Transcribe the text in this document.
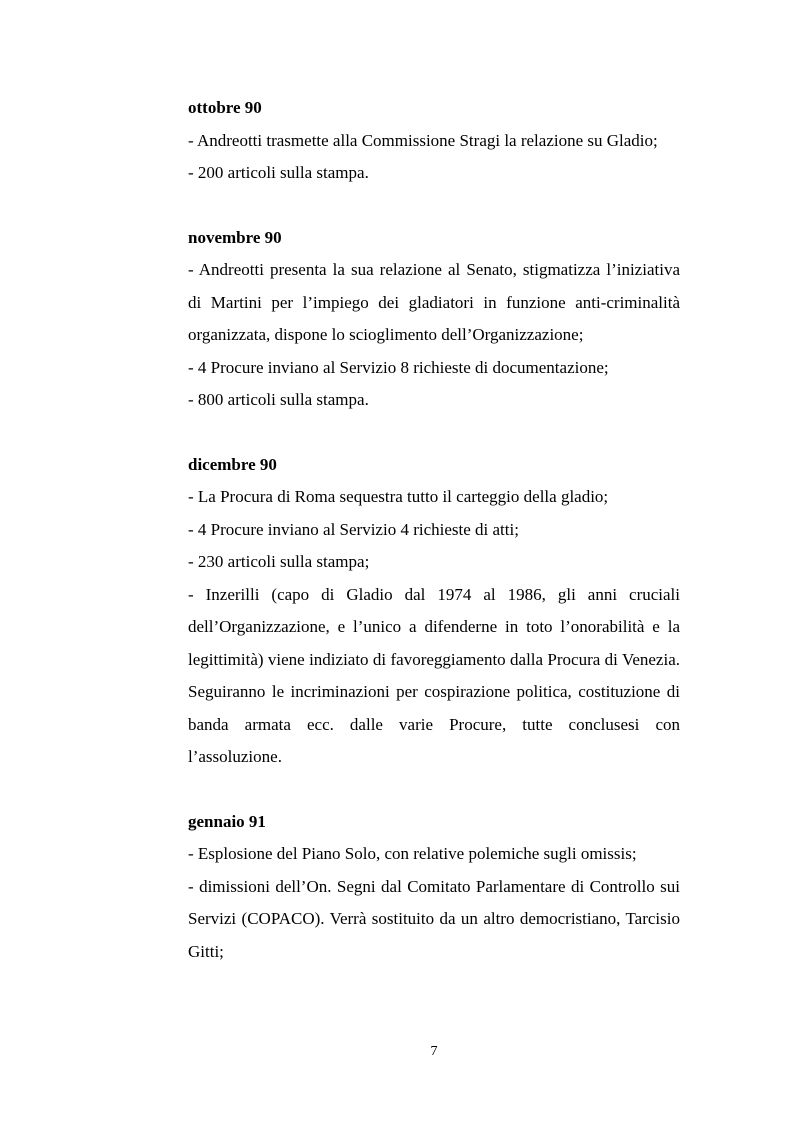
ottobre 90

- Andreotti trasmette alla Commissione Stragi la relazione su Gladio;

- 200 articoli sulla stampa.

novembre 90

- Andreotti presenta la sua relazione al Senato, stigmatizza l’iniziativa di Martini per l’impiego dei gladiatori in funzione anti-criminalità organizzata, dispone lo scioglimento dell’Organizzazione;

- 4 Procure inviano al Servizio 8 richieste di documentazione;

- 800 articoli sulla stampa.

dicembre 90

- La Procura di Roma sequestra tutto il carteggio della gladio;

- 4 Procure inviano al Servizio 4 richieste di atti;

- 230 articoli sulla stampa;

- Inzerilli (capo di Gladio dal 1974 al 1986, gli anni cruciali dell’Organizzazione, e l’unico a difenderne in toto l’onorabilità e la legittimità) viene indiziato di favoreggiamento dalla Procura di Venezia. Seguiranno le incriminazioni per cospirazione politica, costituzione di banda armata ecc. dalle varie Procure, tutte conclusesi con l’assoluzione.

gennaio 91

- Esplosione del Piano Solo, con relative polemiche sugli omissis;

- dimissioni dell’On. Segni dal Comitato Parlamentare di Controllo sui Servizi (COPACO). Verrà sostituito da un altro democristiano, Tarcisio Gitti;

7
